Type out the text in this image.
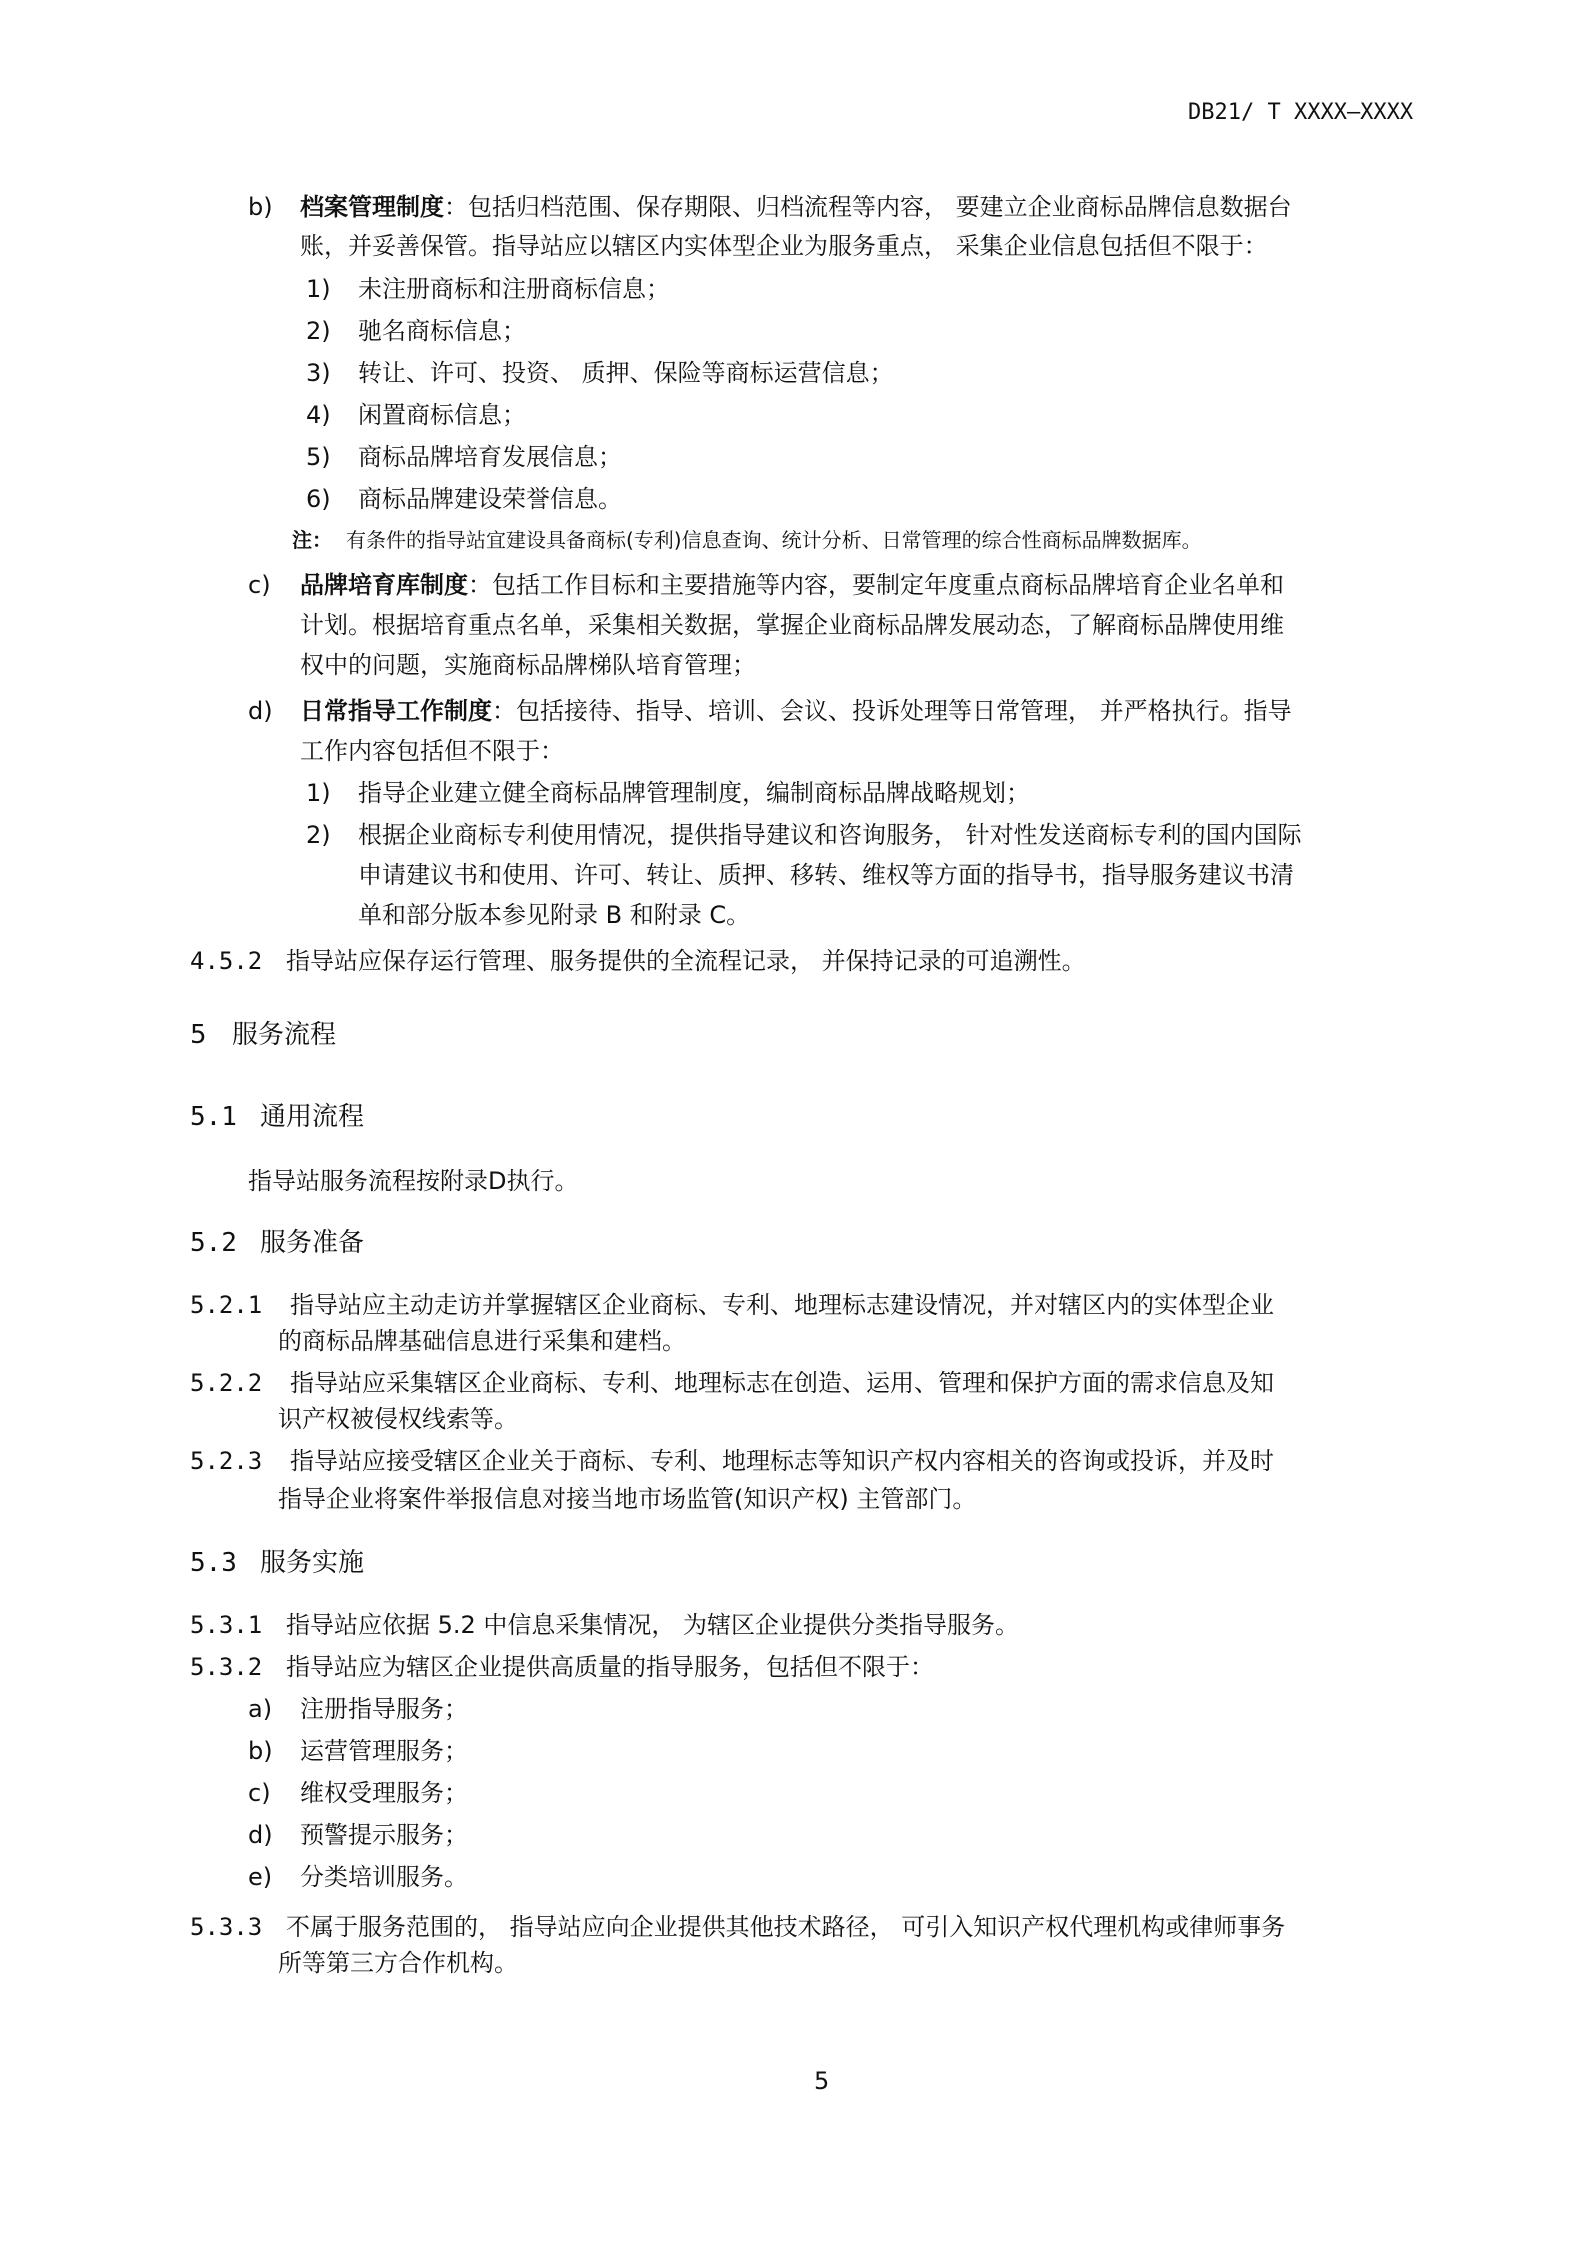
DB21/ T XXXX—XXXX
b) 档案管理制度：包括归档范围、保存期限、归档流程等内容， 要建立企业商标品牌信息数据台
账，并妥善保管。指导站应以辖区内实体型企业为服务重点， 采集企业信息包括但不限于：
1) 未注册商标和注册商标信息；
2) 驰名商标信息；
3) 转让、许可、投资、 质押、保险等商标运营信息；
4) 闲置商标信息；
5) 商标品牌培育发展信息；
6) 商标品牌建设荣誉信息。
注： 有条件的指导站宜建设具备商标(专利)信息查询、统计分析、日常管理的综合性商标品牌数据库。
c) 品牌培育库制度：包括工作目标和主要措施等内容，要制定年度重点商标品牌培育企业名单和
计划。根据培育重点名单，采集相关数据，掌握企业商标品牌发展动态，了解商标品牌使用维
权中的问题，实施商标品牌梯队培育管理；
d) 日常指导工作制度：包括接待、指导、培训、会议、投诉处理等日常管理， 并严格执行。指导
工作内容包括但不限于：
1) 指导企业建立健全商标品牌管理制度，编制商标品牌战略规划；
2) 根据企业商标专利使用情况，提供指导建议和咨询服务， 针对性发送商标专利的国内国际
申请建议书和使用、许可、转让、质押、移转、维权等方面的指导书，指导服务建议书清
单和部分版本参见附录 B 和附录 C。
4.5.2 指导站应保存运行管理、服务提供的全流程记录， 并保持记录的可追溯性。
5 服务流程
5.1 通用流程
指导站服务流程按附录D执行。
5.2 服务准备
5.2.1 指导站应主动走访并掌握辖区企业商标、专利、地理标志建设情况，并对辖区内的实体型企业
的商标品牌基础信息进行采集和建档。
5.2.2 指导站应采集辖区企业商标、专利、地理标志在创造、运用、管理和保护方面的需求信息及知
识产权被侵权线索等。
5.2.3 指导站应接受辖区企业关于商标、专利、地理标志等知识产权内容相关的咨询或投诉，并及时
指导企业将案件举报信息对接当地市场监管(知识产权) 主管部门。
5.3 服务实施
5.3.1 指导站应依据 5.2 中信息采集情况， 为辖区企业提供分类指导服务。
5.3.2 指导站应为辖区企业提供高质量的指导服务，包括但不限于：
a) 注册指导服务；
b) 运营管理服务；
c) 维权受理服务；
d) 预警提示服务；
e) 分类培训服务。
5.3.3 不属于服务范围的， 指导站应向企业提供其他技术路径， 可引入知识产权代理机构或律师事务
所等第三方合作机构。
5
